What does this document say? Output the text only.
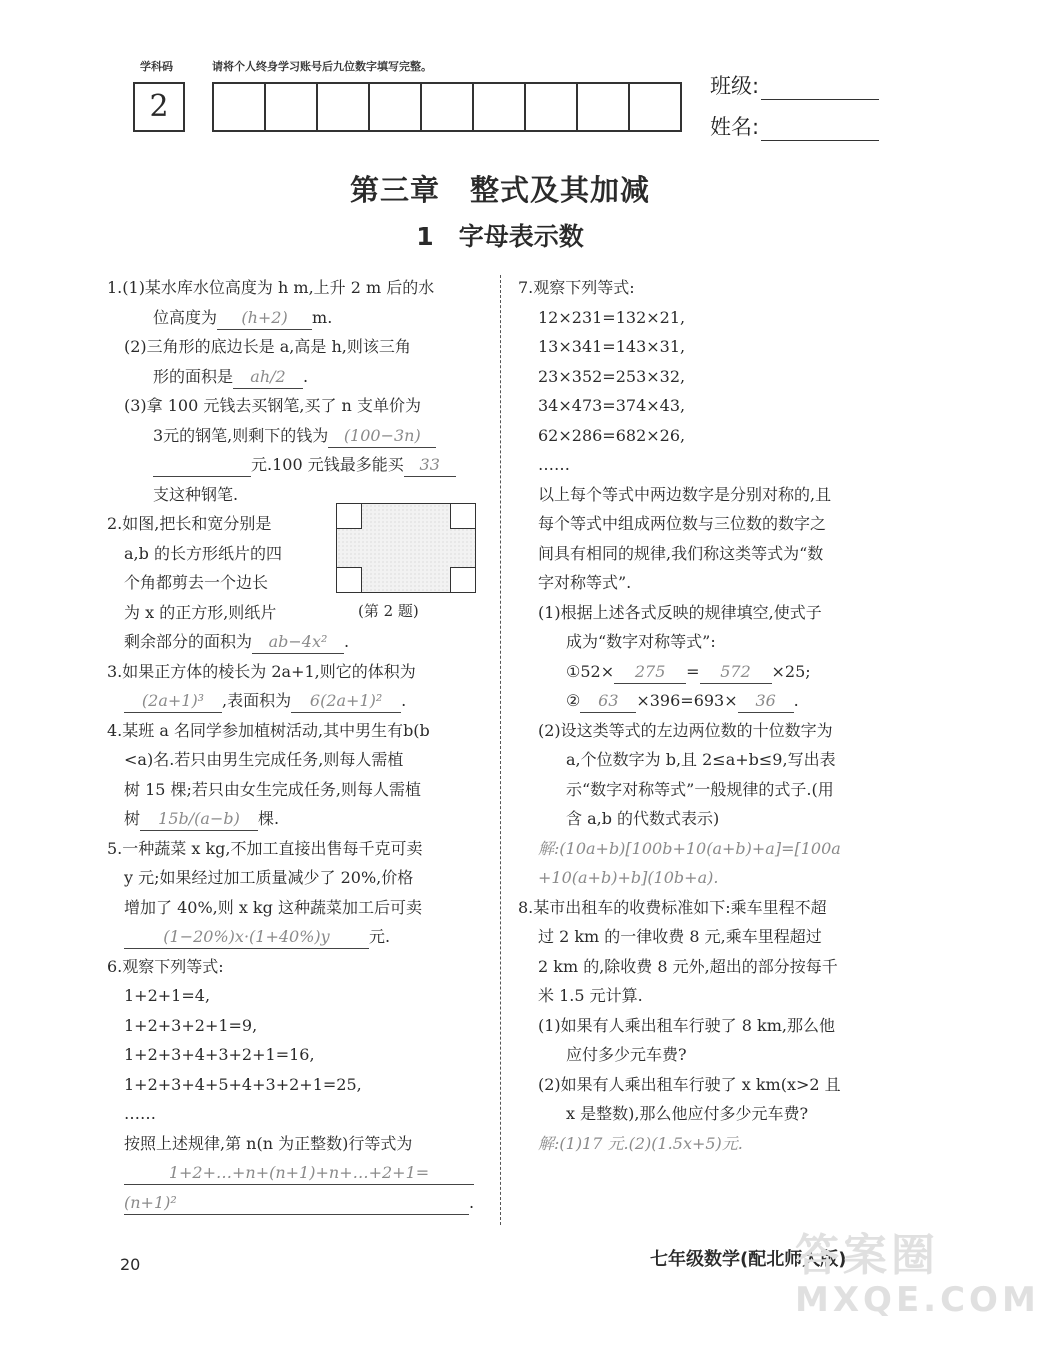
学科码	请将个人终身学习账号后九位数字填写完整。
2
班级:
姓名:
第三章　整式及其加减
1　字母表示数
1.(1)某水库水位高度为 h m,上升 2 m 后的水
位高度为 (h+2) m.
(2)三角形的底边长是 a,高是 h,则该三角
形的面积是 ah/2 .
(3)拿 100 元钱去买钢笔,买了 n 支单价为
3元的钢笔,则剩下的钱为 (100−3n)
元.100 元钱最多能买 33
支这种钢笔.
2.如图,把长和宽分别是
a,b 的长方形纸片的四
个角都剪去一个边长
为 x 的正方形,则纸片
剩余部分的面积为 ab−4x² .
3.如果正方体的棱长为 2a+1,则它的体积为
(2a+1)³ ,表面积为 6(2a+1)² .
4.某班 a 名同学参加植树活动,其中男生有b(b
<a)名.若只由男生完成任务,则每人需植
树 15 棵;若只由女生完成任务,则每人需植
树 15b/(a−b) 棵.
5.一种蔬菜 x kg,不加工直接出售每千克可卖
y 元;如果经过加工质量减少了 20%,价格
增加了 40%,则 x kg 这种蔬菜加工后可卖
(1−20%)x·(1+40%)y 元.
6.观察下列等式:
1+2+1=4,
1+2+3+2+1=9,
1+2+3+4+3+2+1=16,
1+2+3+4+5+4+3+2+1=25,
……
按照上述规律,第 n(n 为正整数)行等式为
1+2+…+n+(n+1)+n+…+2+1=
(n+1)²	.
(第 2 题)
7.观察下列等式:
12×231=132×21,
13×341=143×31,
23×352=253×32,
34×473=374×43,
62×286=682×26,
……
以上每个等式中两边数字是分别对称的,且
每个等式中组成两位数与三位数的数字之
间具有相同的规律,我们称这类等式为“数
字对称等式”.
(1)根据上述各式反映的规律填空,使式子
成为“数字对称等式”:
①52× 275 = 572 ×25;
② 63 ×396=693× 36 .
(2)设这类等式的左边两位数的十位数字为
a,个位数字为 b,且 2≤a+b≤9,写出表
示“数字对称等式”一般规律的式子.(用
含 a,b 的代数式表示)
解:(10a+b)[100b+10(a+b)+a]=[100a
+10(a+b)+b](10b+a).
8.某市出租车的收费标准如下:乘车里程不超
过 2 km 的一律收费 8 元,乘车里程超过
2 km 的,除收费 8 元外,超出的部分按每千
米 1.5 元计算.
(1)如果有人乘出租车行驶了 8 km,那么他
应付多少元车费?
(2)如果有人乘出租车行驶了 x km(x>2 且
x 是整数),那么他应付多少元车费?
解:(1)17 元.(2)(1.5x+5)元.
20	七年级数学(配北师大版)
答案圈
MXQE.COM
